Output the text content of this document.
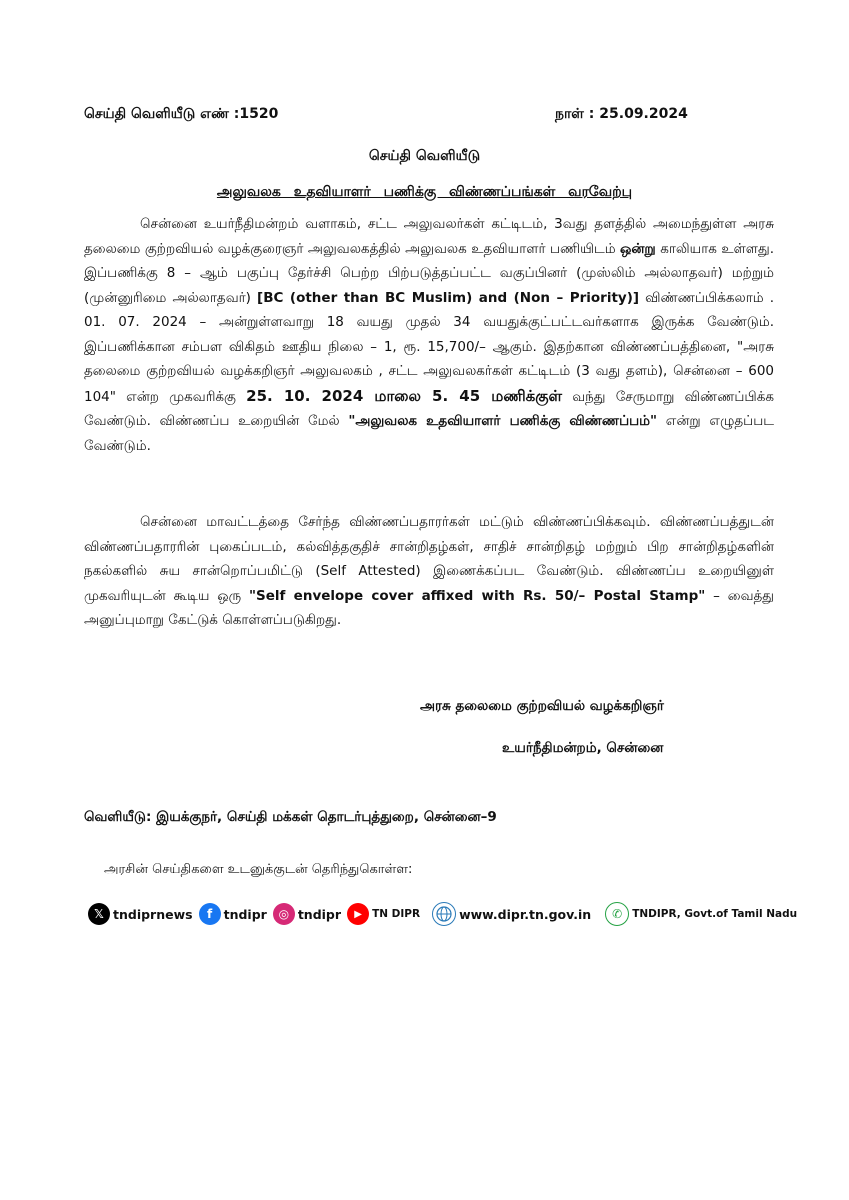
செய்தி வெளியீடு எண் :1520	நாள் : 25.09.2024
செய்தி வெளியீடு
அலுவலக உதவியாளர் பணிக்கு விண்ணப்பங்கள் வரவேற்பு
சென்னை உயர்நீதிமன்றம் வளாகம், சட்ட அலுவலர்கள் கட்டிடம், 3வது தளத்தில் அமைந்துள்ள அரசு தலைமை குற்றவியல் வழக்குரைஞர் அலுவலகத்தில் அலுவலக உதவியாளர் பணியிடம் ஒன்று காலியாக உள்ளது. இப்பணிக்கு 8 – ஆம் பகுப்பு தேர்ச்சி பெற்ற பிற்படுத்தப்பட்ட வகுப்பினர் (முஸ்லிம் அல்லாதவர்) மற்றும் (முன்னுரிமை அல்லாதவர்) [BC (other than BC Muslim) and (Non – Priority)] விண்ணப்பிக்கலாம் . 01. 07. 2024 – அன்றுள்ளவாறு 18 வயது முதல் 34 வயதுக்குட்பட்டவர்களாக இருக்க வேண்டும். இப்பணிக்கான சம்பள விகிதம் ஊதிய நிலை – 1, ரூ. 15,700/– ஆகும். இதற்கான விண்ணப்பத்தினை, "அரசு தலைமை குற்றவியல் வழக்கறிஞர் அலுவலகம் , சட்ட அலுவலகர்கள் கட்டிடம் (3 வது தளம்), சென்னை – 600 104" என்ற முகவரிக்கு 25. 10. 2024 மாலை 5. 45 மணிக்குள் வந்து சேருமாறு விண்ணப்பிக்க வேண்டும். விண்ணப்ப உறையின் மேல் "அலுவலக உதவியாளர் பணிக்கு விண்ணப்பம்" என்று எழுதப்பட வேண்டும்.
சென்னை மாவட்டத்தை சேர்ந்த விண்ணப்பதாரர்கள் மட்டும் விண்ணப்பிக்கவும். விண்ணப்பத்துடன் விண்ணப்பதாரரின் புகைப்படம், கல்வித்தகுதிச் சான்றிதழ்கள், சாதிச் சான்றிதழ் மற்றும் பிற சான்றிதழ்களின் நகல்களில் சுய சான்றொப்பமிட்டு (Self Attested) இணைக்கப்பட வேண்டும். விண்ணப்ப உறையினுள் முகவரியுடன் கூடிய ஒரு "Self envelope cover affixed with Rs. 50/– Postal Stamp" – வைத்து அனுப்புமாறு கேட்டுக் கொள்ளப்படுகிறது.
அரசு தலைமை குற்றவியல் வழக்கறிஞர்
உயர்நீதிமன்றம், சென்னை
வெளியீடு: இயக்குநர், செய்தி மக்கள் தொடர்புத்துறை, சென்னை–9
அரசின் செய்திகளை உடனுக்குடன் தெரிந்துகொள்ள:
𝕏 tndiprnews	f tndipr ◎ tndipr	▶ TN DIPR	www.dipr.tn.gov.in	✆ TNDIPR, Govt.of Tamil Nadu
